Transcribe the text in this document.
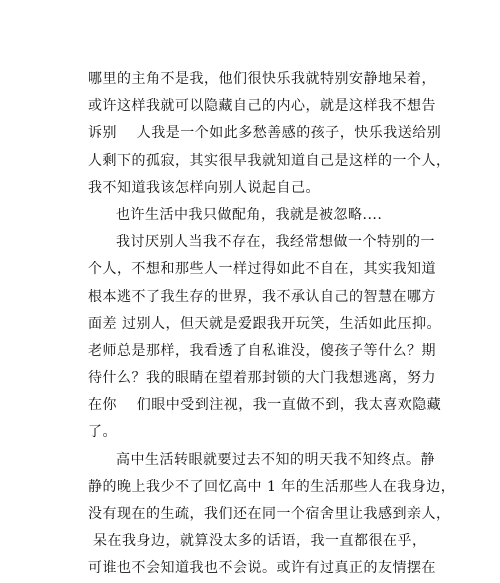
哪里的主角不是我，他们很快乐我就特别安静地呆着，
或许这样我就可以隐藏自己的内心，就是这样我不想告
诉别    人我是一个如此多愁善感的孩子，快乐我送给别
人剩下的孤寂，其实很早我就知道自己是这样的一个人，
我不知道我该怎样向别人说起自己。
也许生活中我只做配角，我就是被忽略....
我讨厌别人当我不存在，我经常想做一个特别的一
个人，不想和那些人一样过得如此不自在，其实我知道
根本逃不了我生存的世界，我不承认自己的智慧在哪方
面差 过别人，但天就是爱跟我开玩笑，生活如此压抑。
老师总是那样，我看透了自私谁没，傻孩子等什么？期
待什么？我的眼睛在望着那封锁的大门我想逃离，努力
在你    们眼中受到注视，我一直做不到，我太喜欢隐藏
了。
高中生活转眼就要过去不知的明天我不知终点。静
静的晚上我少不了回忆高中 1 年的生活那些人在我身边，
没有现在的生疏，我们还在同一个宿舍里让我感到亲人，
呆在我身边，就算没太多的话语，我一直都很在乎，
可谁也不会知道我也不会说。或许有过真正的友情摆在
